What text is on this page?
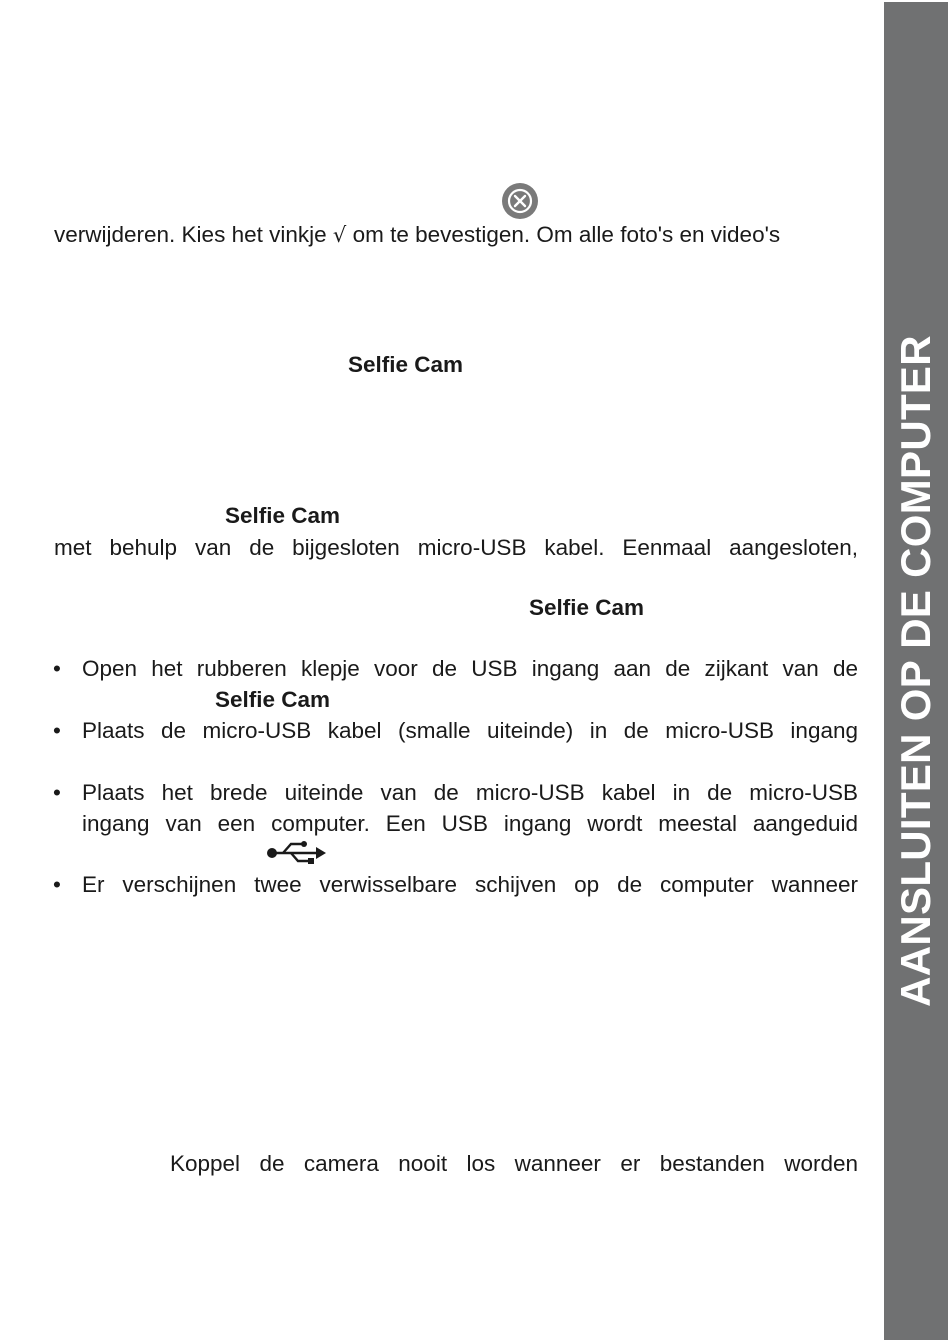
AANSLUITEN OP DE COMPUTER
verwijderen. Kies het vinkje √ om te bevestigen. Om alle foto's en video's
Selfie Cam
Selfie Cam
met behulp van de bijgesloten micro-USB kabel. Eenmaal aangesloten,
Selfie Cam
• Open het rubberen klepje voor de USB ingang aan de zijkant van de
Selfie Cam
• Plaats de micro-USB kabel (smalle uiteinde) in de micro-USB ingang
• Plaats het brede uiteinde van de micro-USB kabel in de micro-USB
ingang van een computer. Een USB ingang wordt meestal aangeduid
• Er verschijnen twee verwisselbare schijven op de computer wanneer
Koppel de camera nooit los wanneer er bestanden worden
